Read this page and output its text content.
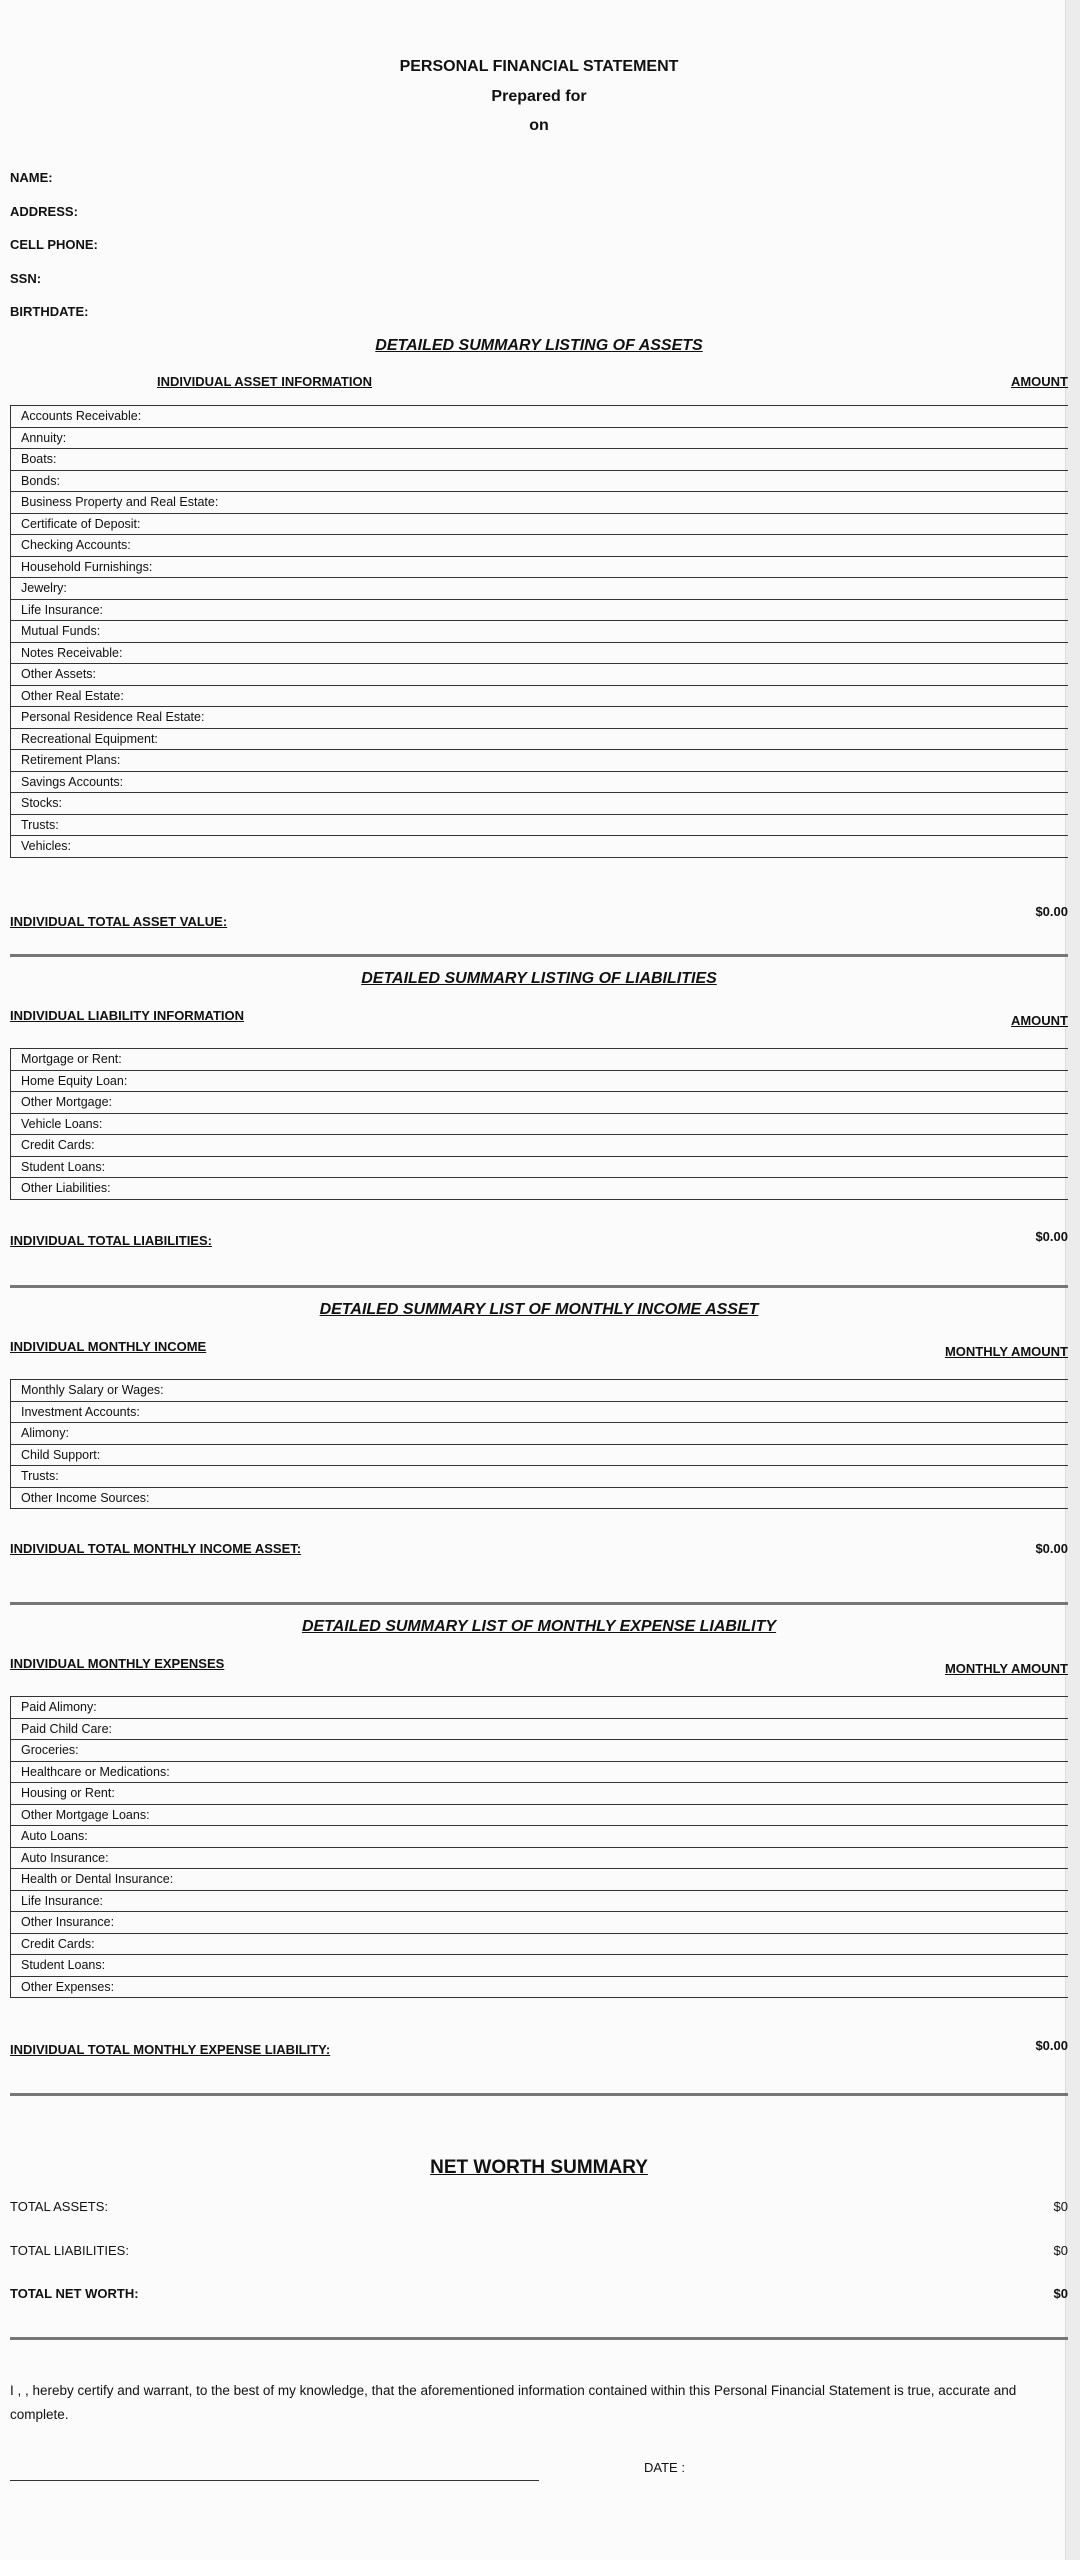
PERSONAL FINANCIAL STATEMENT
Prepared for
on
NAME:
ADDRESS:
CELL PHONE:
SSN:
BIRTHDATE:
DETAILED SUMMARY LISTING OF ASSETS
INDIVIDUAL ASSET INFORMATION	AMOUNT
Accounts Receivable:
Annuity:
Boats:
Bonds:
Business Property and Real Estate:
Certificate of Deposit:
Checking Accounts:
Household Furnishings:
Jewelry:
Life Insurance:
Mutual Funds:
Notes Receivable:
Other Assets:
Other Real Estate:
Personal Residence Real Estate:
Recreational Equipment:
Retirement Plans:
Savings Accounts:
Stocks:
Trusts:
Vehicles:
INDIVIDUAL TOTAL ASSET VALUE:
$0.00
DETAILED SUMMARY LISTING OF LIABILITIES
INDIVIDUAL LIABILITY INFORMATION	AMOUNT
Mortgage or Rent:
Home Equity Loan:
Other Mortgage:
Vehicle Loans:
Credit Cards:
Student Loans:
Other Liabilities:
INDIVIDUAL TOTAL LIABILITIES:	$0.00
DETAILED SUMMARY LIST OF MONTHLY INCOME ASSET
INDIVIDUAL MONTHLY INCOME	MONTHLY AMOUNT
Monthly Salary or Wages:
Investment Accounts:
Alimony:
Child Support:
Trusts:
Other Income Sources:
INDIVIDUAL TOTAL MONTHLY INCOME ASSET:	$0.00
DETAILED SUMMARY LIST OF MONTHLY EXPENSE LIABILITY
INDIVIDUAL MONTHLY EXPENSES	MONTHLY AMOUNT
Paid Alimony:
Paid Child Care:
Groceries:
Healthcare or Medications:
Housing or Rent:
Other Mortgage Loans:
Auto Loans:
Auto Insurance:
Health or Dental Insurance:
Life Insurance:
Other Insurance:
Credit Cards:
Student Loans:
Other Expenses:
INDIVIDUAL TOTAL MONTHLY EXPENSE LIABILITY:	$0.00
NET WORTH SUMMARY
TOTAL ASSETS:	$0
TOTAL LIABILITIES:	$0
TOTAL NET WORTH:	$0
I , , hereby certify and warrant, to the best of my knowledge, that the aforementioned information contained within this Personal Financial Statement is true, accurate and complete.
DATE :
